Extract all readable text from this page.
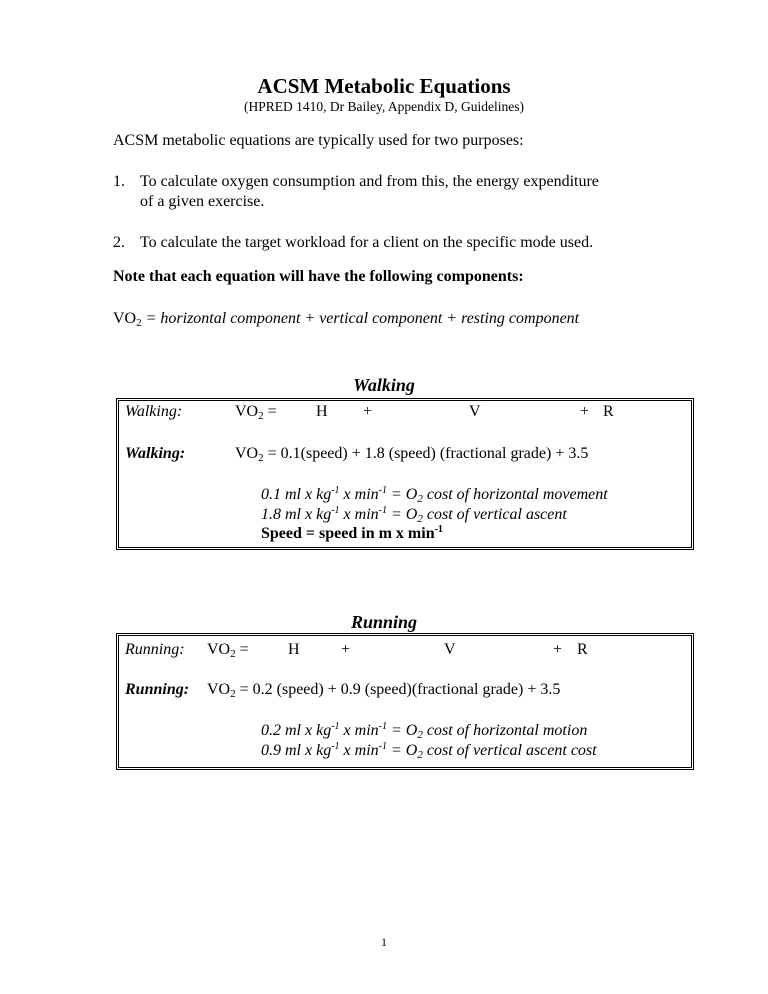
ACSM Metabolic Equations
(HPRED 1410, Dr Bailey, Appendix D, Guidelines)
ACSM metabolic equations are typically used for two purposes:
1. To calculate oxygen consumption and from this, the energy expenditure
of a given exercise.
2. To calculate the target workload for a client on the specific mode used.
Note that each equation will have the following components:
$VO_2$ = horizontal component + vertical component + resting component
Walking
Walking:	$VO_2 = H$ +	V	+ R
Walking:	$VO_2$ = 0.1(speed) + 1.8 (speed) (fractional grade) + 3.5
0.1 ml x $kg^{-1}$ x $\min^{-1} = O_2$ cost of horizontal movement
1.8 ml x $kg^{-1}$ x $\min^{-1} = O_2$ cost of vertical ascent
Speed = speed in m x $\min^{-1}$
Running
Running: $VO_2 = H$	+	V	+ R
Running: $VO_2 = 0.2$ (speed) + 0.9 (speed)(fractional grade) + 3.5
0.2 ml x $kg^{-1}$ x $\min^{-1} = O_2$ cost of horizontal motion
0.9 ml x $kg^{-1}$ x $\min^{-1} = O_2$ cost of vertical ascent cost
1
